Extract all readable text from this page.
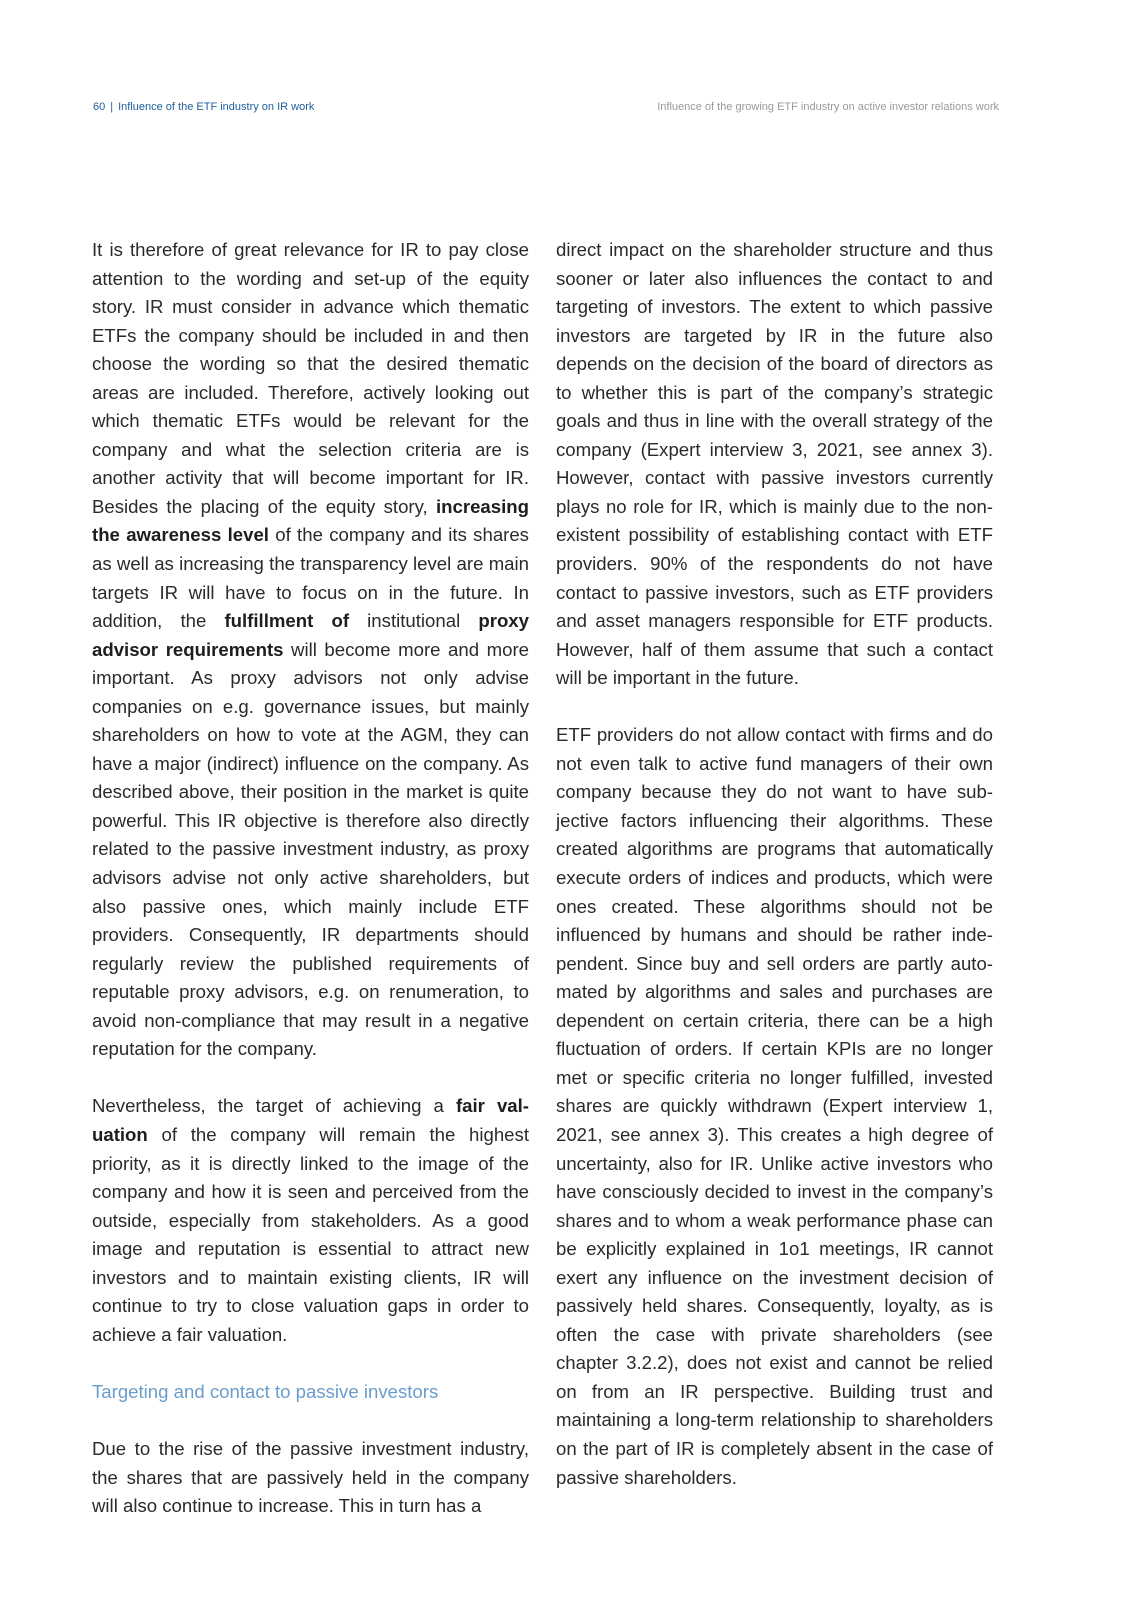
60 | Influence of the ETF industry on IR work	Influence of the growing ETF industry on active investor relations work

It is therefore of great relevance for IR to pay close attention to the wording and set-up of the equity story. IR must consider in advance which thematic ETFs the company should be included in and then choose the wording so that the desired thematic areas are included. Therefore, actively looking out which thematic ETFs would be relevant for the company and what the selection criteria are is another activity that will become important for IR. Besides the placing of the equity story, increasing the awareness level of the company and its shares as well as increasing the transparency level are main targets IR will have to focus on in the future. In addition, the fulfillment of institutional proxy advisor requirements will become more and more important. As proxy advisors not only advise companies on e.g. governance issues, but mainly shareholders on how to vote at the AGM, they can have a major (indirect) influence on the company. As described above, their position in the market is quite powerful. This IR objective is therefore also directly related to the passive investment industry, as proxy advisors advise not only active shareholders, but also passive ones, which mainly include ETF providers. Consequently, IR departments should regularly review the published requirements of reputable proxy advisors, e.g. on renumeration, to avoid non-compliance that may result in a negative reputation for the company.

Nevertheless, the target of achieving a fair valuation of the company will remain the highest priority, as it is directly linked to the image of the company and how it is seen and perceived from the outside, especially from stakeholders. As a good image and reputation is essential to attract new investors and to maintain existing clients, IR will continue to try to close valuation gaps in order to achieve a fair valuation.

Targeting and contact to passive investors

Due to the rise of the passive investment industry, the shares that are passively held in the company will also continue to increase. This in turn has a

direct impact on the shareholder structure and thus sooner or later also influences the contact to and targeting of investors. The extent to which passive investors are targeted by IR in the future also depends on the decision of the board of directors as to whether this is part of the company’s strategic goals and thus in line with the overall strategy of the company (Expert interview 3, 2021, see annex 3). However, contact with passive investors currently plays no role for IR, which is mainly due to the non-existent possibility of establishing contact with ETF providers. 90% of the respondents do not have contact to passive investors, such as ETF providers and asset managers responsible for ETF products. However, half of them assume that such a contact will be important in the future.

ETF providers do not allow contact with firms and do not even talk to active fund managers of their own company because they do not want to have subjective factors influencing their algorithms. These created algorithms are programs that automatically execute orders of indices and products, which were ones created. These algorithms should not be influenced by humans and should be rather independent. Since buy and sell orders are partly automated by algorithms and sales and purchases are dependent on certain criteria, there can be a high fluctuation of orders. If certain KPIs are no longer met or specific criteria no longer fulfilled, invested shares are quickly withdrawn (Expert interview 1, 2021, see annex 3). This creates a high degree of uncertainty, also for IR. Unlike active investors who have consciously decided to invest in the company’s shares and to whom a weak performance phase can be explicitly explained in 1o1 meetings, IR cannot exert any influence on the investment decision of passively held shares. Consequently, loyalty, as is often the case with private shareholders (see chapter 3.2.2), does not exist and cannot be relied on from an IR perspective. Building trust and maintaining a long-term relationship to shareholders on the part of IR is completely absent in the case of passive shareholders.
